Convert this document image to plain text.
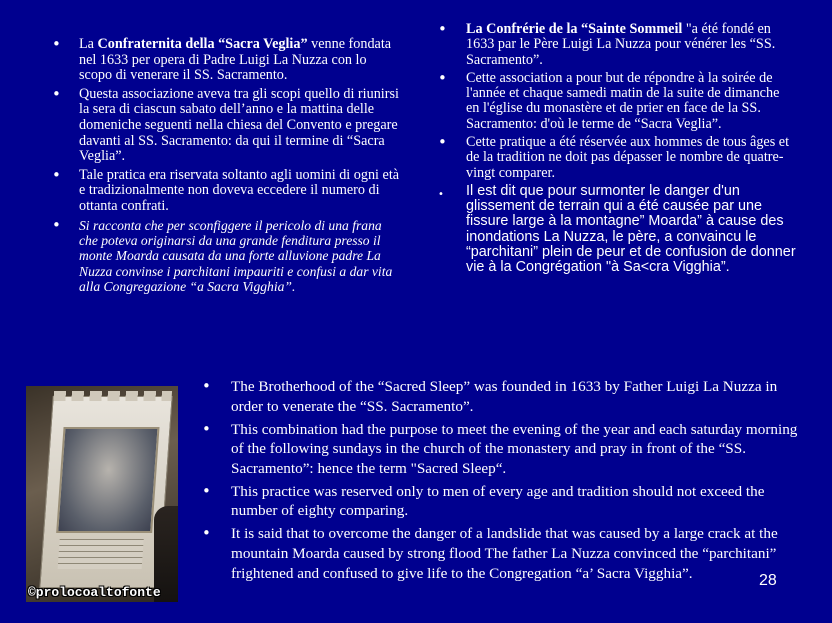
• La Confraternita della “Sacra Veglia” venne fondata nel 1633 per opera di Padre Luigi La Nuzza con lo scopo di venerare il SS. Sacramento.
• Questa associazione aveva tra gli scopi quello di riunirsi la sera di ciascun sabato dell’anno e la mattina delle domeniche seguenti nella chiesa del Convento e pregare davanti al SS. Sacramento: da qui il termine di “Sacra Veglia”.
• Tale pratica era riservata soltanto agli uomini di ogni età e tradizionalmente non doveva eccedere il numero di ottanta confrati.
• Si racconta che per sconfiggere il pericolo di una frana che poteva originarsi da una grande fenditura presso il monte Moarda causata da una forte alluvione padre La Nuzza convinse i parchitani impauriti e confusi a dar vita alla Congregazione “a Sacra Vigghia”.
• La Confrérie de la “Sainte Sommeil "a été fondé en 1633 par le Père Luigi La Nuzza pour vénérer les “SS. Sacramento”.
• Cette association a pour but de répondre à la soirée de l'année et chaque samedi matin de la suite de dimanche en l'église du monastère et de prier en face de la SS. Sacramento: d'où le terme de “Sacra Veglia”.
• Cette pratique a été réservée aux hommes de tous âges et de la tradition ne doit pas dépasser le nombre de quatre-vingt comparer.
• Il est dit que pour surmonter le danger d'un glissement de terrain qui a été causée par une fissure large à la montagne” Moarda” à cause des inondations La Nuzza, le père, a convaincu le “parchitani” plein de peur et de confusion de donner vie à la Congrégation "à Sa<cra Vigghia”.
©prolocoaltofonte
• The Brotherhood of the “Sacred Sleep” was founded in 1633 by Father Luigi La Nuzza in order to venerate the “SS. Sacramento”.
• This combination had the purpose to meet the evening of the year and each saturday morning of the following sundays in the church of the monastery and pray in front of the “SS. Sacramento”: hence the term "Sacred Sleep“.
• This practice was reserved only to men of every age and tradition should not exceed the number of eighty comparing.
• It is said that to overcome the danger of a landslide that was caused by a large crack at the mountain Moarda caused by strong flood The father La Nuzza convinced the “parchitani” frightened and confused to give life to the Congregation “a’ Sacra Vigghia”.	28
